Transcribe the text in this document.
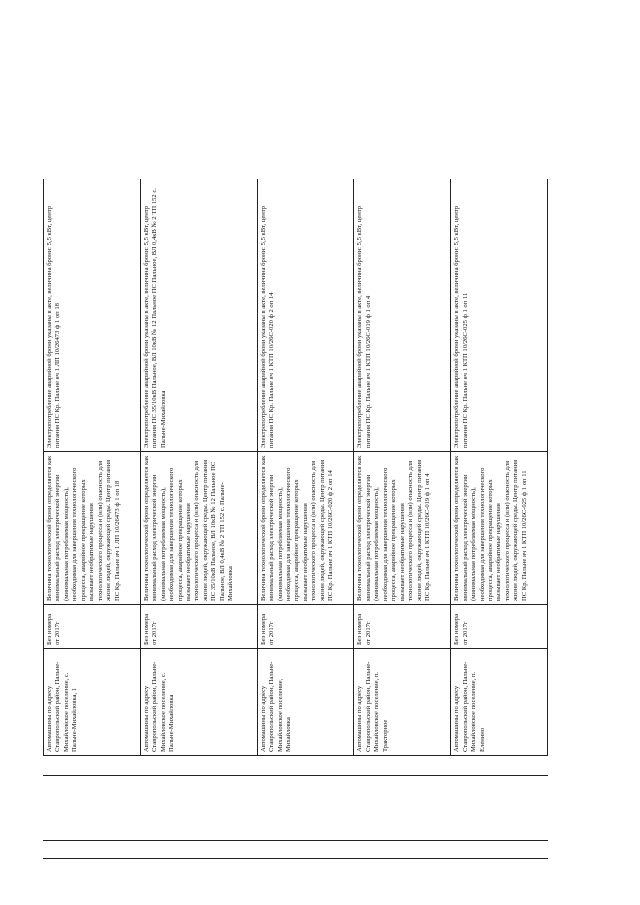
Автомашины по адресу Ставропольский район, Пальне-Михайловское поселение, с. Пальне-Михайловка, 1	Без номера от 2017г	Величина технологической брони определяется как минимальный расход электрической энергии (минимальная потребляемая мощность), необходимая для завершения технологического процесса, аварийное прекращение которых вызывает необратимые нарушения технологического процесса и (или) опасность для жизни людей, окружающей среды. Центр питания ПС Кр. Пальне яч 1 ЛП 10/26473 ф 1 оп 18	Электропотребление аварийной брони указаны в акте, величина брони: 5,5 кВт, центр питания ПС Кр. Пальне яч 1 ЛП 10/26473 ф 1 оп 18
Автомашины по адресу Ставропольский район, Пальне-Михайловское поселение, с. Пальне-Михайловка	Без номера от 2017г	Величина технологической брони определяется как минимальный расход электрической энергии (минимальная потребляемая мощность), необходимая для завершения технологического процесса, аварийное прекращение которых вызывает необратимые нарушения технологического процесса и (или) опасность для жизни людей, окружающей среды. Центр питания ПС 35/10кВ Пальное, ВЛ 10кВ № 12 Пальное ПС Пальное, ВЛ 0,4кВ № 2 ТП 152 с. Пальне-Михайловка	Электропотребление аварийной брони указаны в акте, величина брони: 5,5 кВт, центр питания ПС 35/10кВ Пальное, ВЛ 10кВ № 12 Пальное ПС Пальное, ВЛ 0,4кВ № 2 ТП 152 с. Пальне-Михайловка
Автомашины по адресу Ставропольский район, Пальне-Михайловское поселение, Михайловка	Без номера от 2017г	Величина технологической брони определяется как минимальный расход электрической энергии (минимальная потребляемая мощность), необходимая для завершения технологического процесса, аварийное прекращение которых вызывает необратимые нарушения технологического процесса и (или) опасность для жизни людей, окружающей среды. Центр питания ПС Кр. Пальне яч 1 КТП 10/26С-020 ф 2 оп 14	Электропотребление аварийной брони указаны в акте, величина брони: 5,5 кВт, центр питания ПС Кр. Пальне яч 1 КТП 10/26С-020 ф 2 оп 14
Автомашины по адресу Ставропольский район, Пальне-Михайловское поселение, п. Тракторное	Без номера от 2017г	Величина технологической брони определяется как минимальный расход электрической энергии (минимальная потребляемая мощность), необходимая для завершения технологического процесса, аварийное прекращение которых вызывает необратимые нарушения технологического процесса и (или) опасность для жизни людей, окружающей среды. Центр питания ПС Кр. Пальне яч 1 КТП 10/26С-019 ф 1 оп 4	Электропотребление аварийной брони указаны в акте, величина брони: 5,5 кВт, центр питания ПС Кр. Пальне яч 1 КТП 10/26С-019 ф 1 оп 4
Автомашины по адресу Ставропольский район, Пальне-Михайловское поселение, п. Еленино	Без номера от 2017г	Величина технологической брони определяется как минимальный расход электрической энергии (минимальная потребляемая мощность), необходимая для завершения технологического процесса, аварийное прекращение которых вызывает необратимые нарушения технологического процесса и (или) опасность для жизни людей, окружающей среды. Центр питания ПС Кр. Пальне яч 1 КТП 10/26С-025 ф 1 оп 11	Электропотребление аварийной брони указаны в акте, величина брони: 5,5 кВт, центр питания ПС Кр. Пальне яч 1 КТП 10/26С-025 ф 1 оп 11
